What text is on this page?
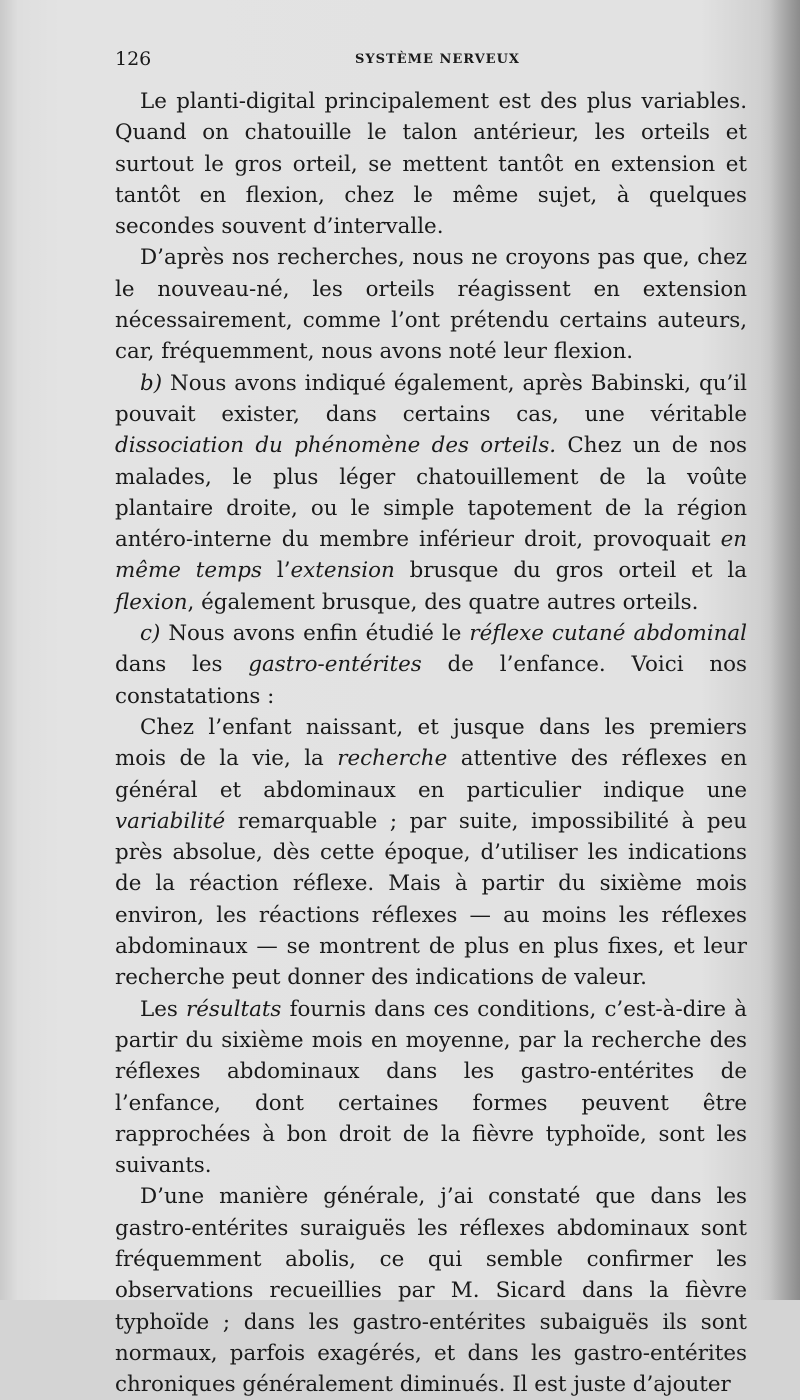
126	SYSTÈME NERVEUX

Le planti-digital principalement est des plus variables. Quand on chatouille le talon antérieur, les orteils et surtout le gros orteil, se mettent tantôt en extension et tantôt en flexion, chez le même sujet, à quelques secondes souvent d’intervalle.

D’après nos recherches, nous ne croyons pas que, chez le nouveau-né, les orteils réagissent en extension nécessairement, comme l’ont prétendu certains auteurs, car, fréquemment, nous avons noté leur flexion.

b) Nous avons indiqué également, après Babinski, qu’il pouvait exister, dans certains cas, une véritable dissociation du phénomène des orteils. Chez un de nos malades, le plus léger chatouillement de la voûte plantaire droite, ou le simple tapotement de la région antéro-interne du membre inférieur droit, provoquait en même temps l’extension brusque du gros orteil et la flexion, également brusque, des quatre autres orteils.

c) Nous avons enfin étudié le réflexe cutané abdominal dans les gastro-entérites de l’enfance. Voici nos constatations :

Chez l’enfant naissant, et jusque dans les premiers mois de la vie, la recherche attentive des réflexes en général et abdominaux en particulier indique une variabilité remarquable ; par suite, impossibilité à peu près absolue, dès cette époque, d’utiliser les indications de la réaction réflexe. Mais à partir du sixième mois environ, les réactions réflexes — au moins les réflexes abdominaux — se montrent de plus en plus fixes, et leur recherche peut donner des indications de valeur.

Les résultats fournis dans ces conditions, c’est-à-dire à partir du sixième mois en moyenne, par la recherche des réflexes abdominaux dans les gastro-entérites de l’enfance, dont certaines formes peuvent être rapprochées à bon droit de la fièvre typhoïde, sont les suivants.

D’une manière générale, j’ai constaté que dans les gastro-entérites suraiguës les réflexes abdominaux sont fréquemment abolis, ce qui semble confirmer les observations recueillies par M. Sicard dans la fièvre typhoïde ; dans les gastro-entérites subaiguës ils sont normaux, parfois exagérés, et dans les gastro-entérites chroniques généralement diminués. Il est juste d’ajouter
